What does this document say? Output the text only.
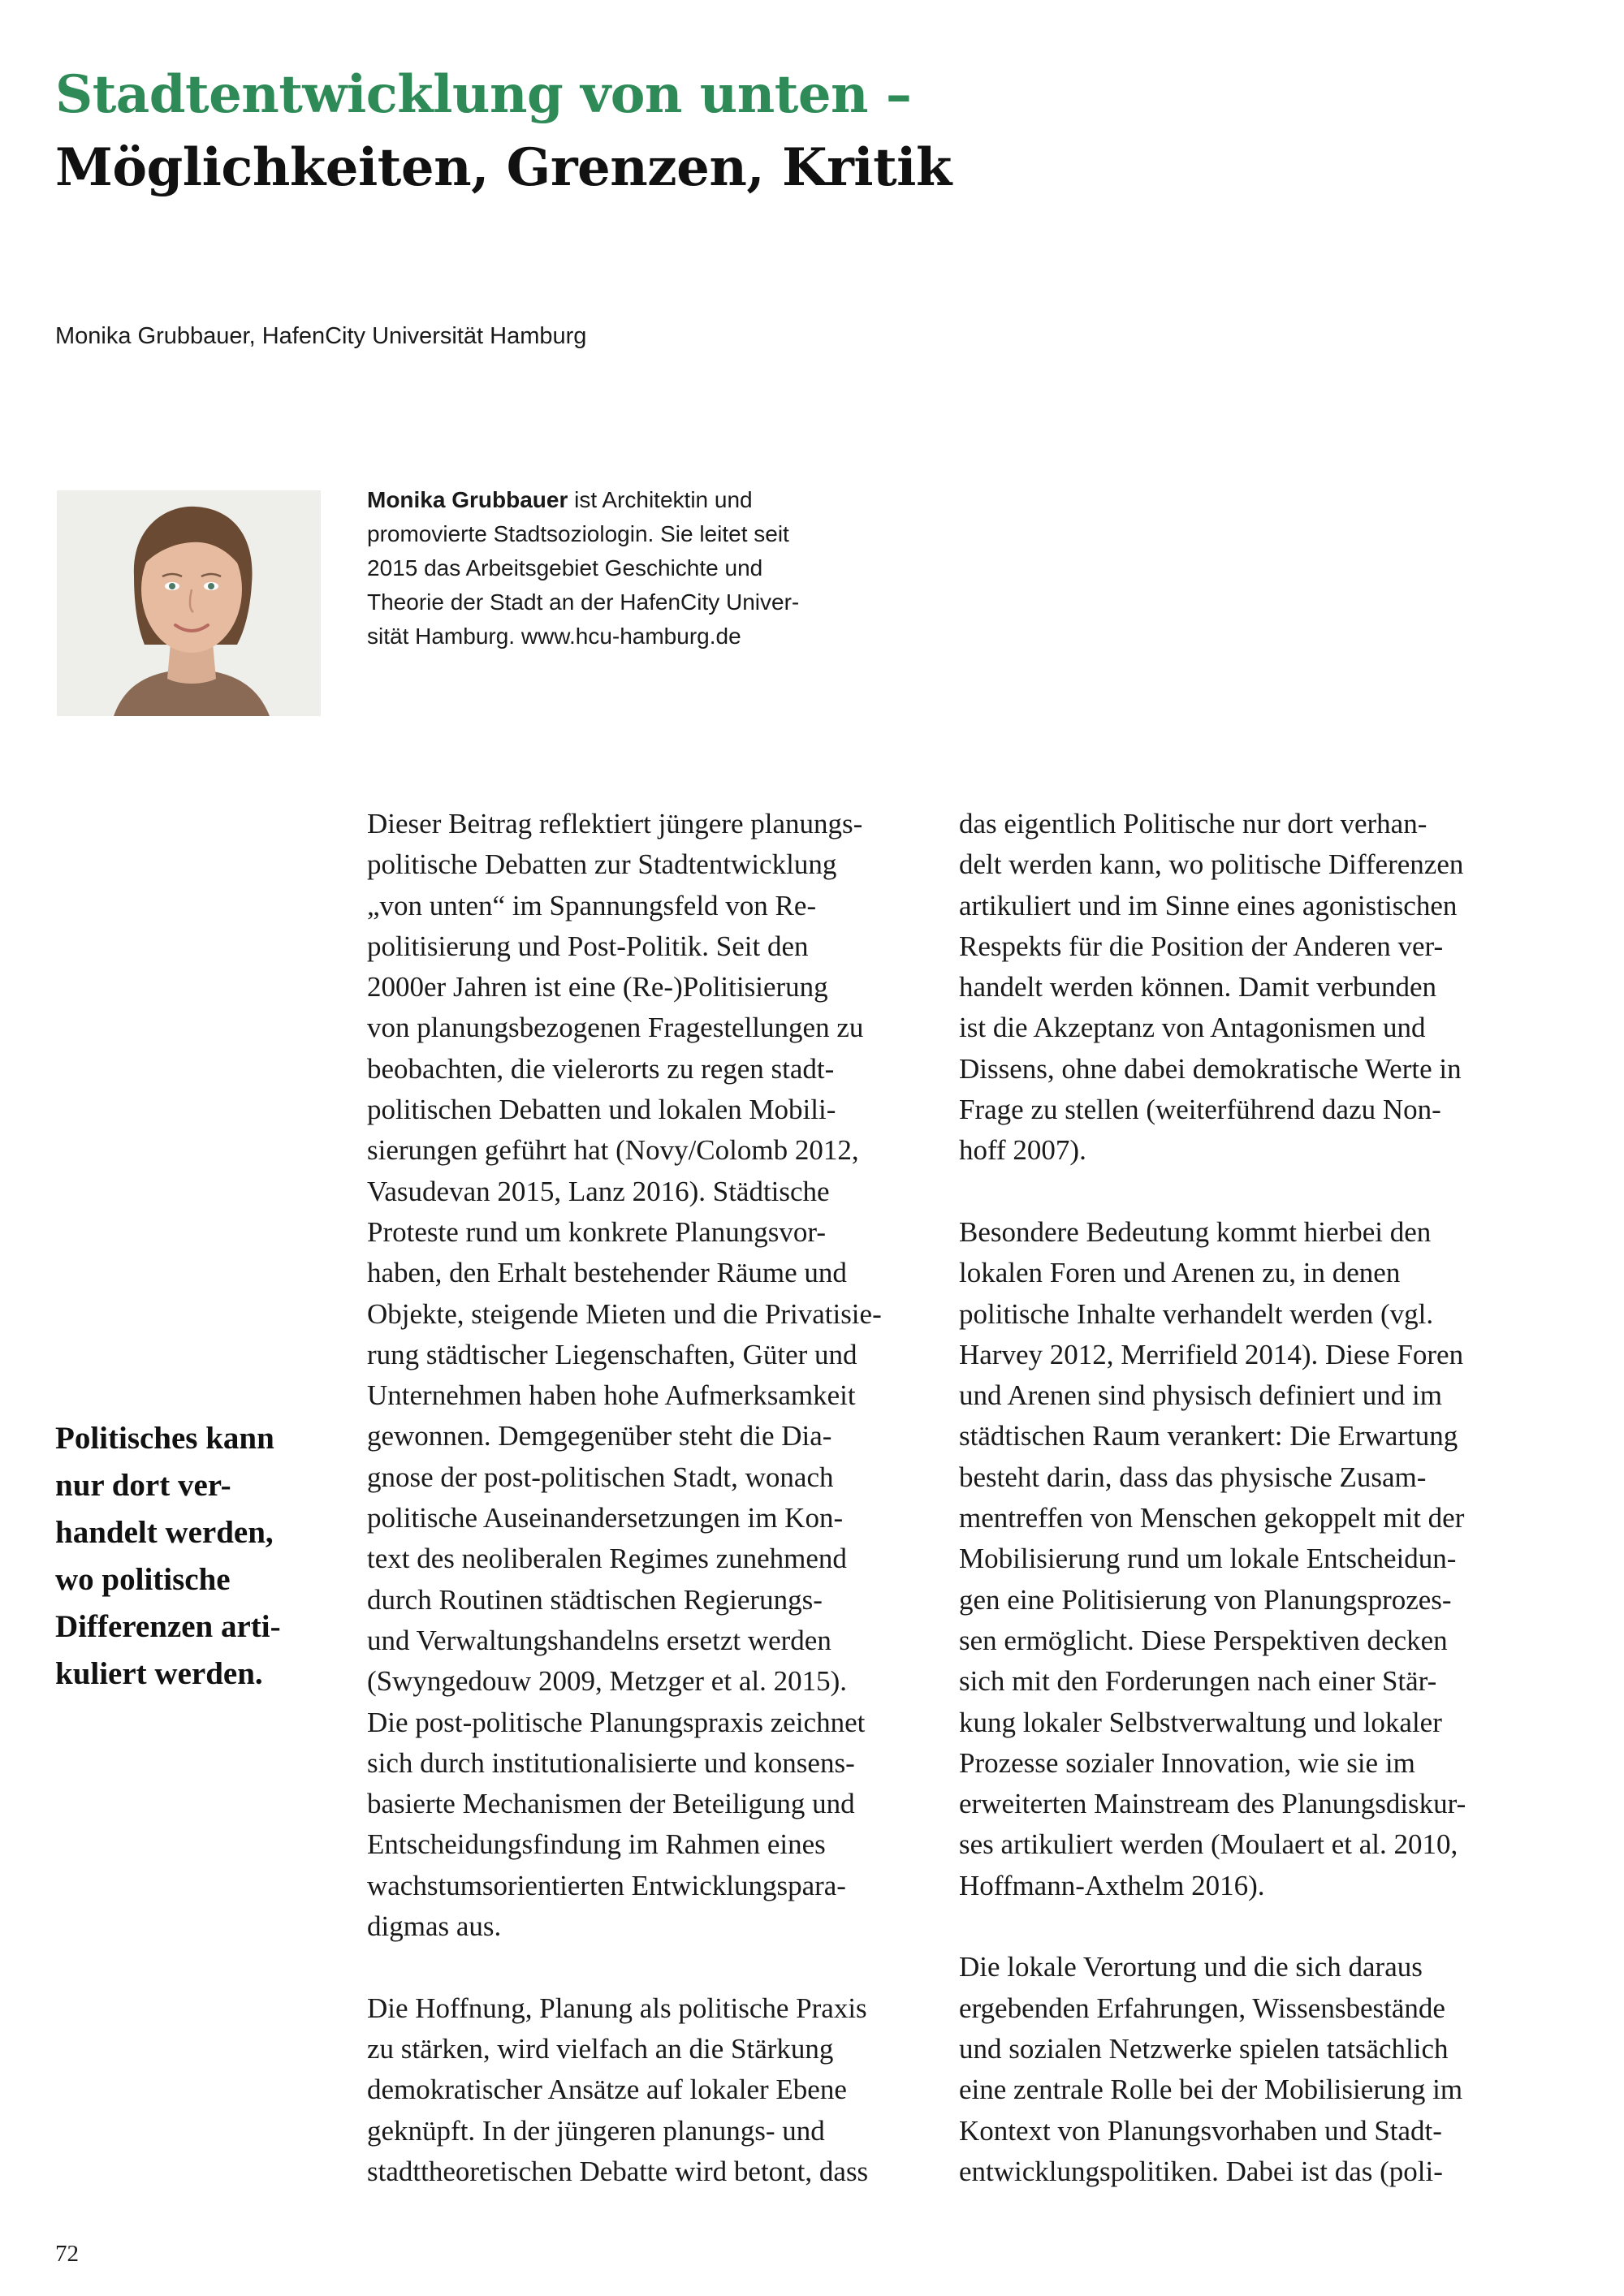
Stadtentwicklung von unten –
Möglichkeiten, Grenzen, Kritik
Monika Grubbauer, HafenCity Universität Hamburg
Monika Grubbauer ist Architektin und
promovierte Stadtsoziologin. Sie leitet seit
2015 das Arbeitsgebiet Geschichte und
Theorie der Stadt an der HafenCity Univer-
sität Hamburg. www.hcu-hamburg.de
Politisches kann
nur dort ver-
handelt werden,
wo politische
Differenzen arti-
kuliert werden.
Dieser Beitrag reflektiert jüngere planungs-
politische Debatten zur Stadtentwicklung
„von unten“ im Spannungsfeld von Re-
politisierung und Post-Politik. Seit den
2000er Jahren ist eine (Re-)Politisierung
von planungsbezogenen Fragestellungen zu
beobachten, die vielerorts zu regen stadt-
politischen Debatten und lokalen Mobili-
sierungen geführt hat (Novy/Colomb 2012,
Vasudevan 2015, Lanz 2016). Städtische
Proteste rund um konkrete Planungsvor-
haben, den Erhalt bestehender Räume und
Objekte, steigende Mieten und die Privatisie-
rung städtischer Liegenschaften, Güter und
Unternehmen haben hohe Aufmerksamkeit
gewonnen. Demgegenüber steht die Dia-
gnose der post-politischen Stadt, wonach
politische Auseinandersetzungen im Kon-
text des neoliberalen Regimes zunehmend
durch Routinen städtischen Regierungs-
und Verwaltungshandelns ersetzt werden
(Swyngedouw 2009, Metzger et al. 2015).
Die post-politische Planungspraxis zeichnet
sich durch institutionalisierte und konsens-
basierte Mechanismen der Beteiligung und
Entscheidungsfindung im Rahmen eines
wachstumsorientierten Entwicklungspara-
digmas aus.
Die Hoffnung, Planung als politische Praxis
zu stärken, wird vielfach an die Stärkung
demokratischer Ansätze auf lokaler Ebene
geknüpft. In der jüngeren planungs- und
stadttheoretischen Debatte wird betont, dass
das eigentlich Politische nur dort verhan-
delt werden kann, wo politische Differenzen
artikuliert und im Sinne eines agonistischen
Respekts für die Position der Anderen ver-
handelt werden können. Damit verbunden
ist die Akzeptanz von Antagonismen und
Dissens, ohne dabei demokratische Werte in
Frage zu stellen (weiterführend dazu Non-
hoff 2007).
Besondere Bedeutung kommt hierbei den
lokalen Foren und Arenen zu, in denen
politische Inhalte verhandelt werden (vgl.
Harvey 2012, Merrifield 2014). Diese Foren
und Arenen sind physisch definiert und im
städtischen Raum verankert: Die Erwartung
besteht darin, dass das physische Zusam-
mentreffen von Menschen gekoppelt mit der
Mobilisierung rund um lokale Entscheidun-
gen eine Politisierung von Planungsprozes-
sen ermöglicht. Diese Perspektiven decken
sich mit den Forderungen nach einer Stär-
kung lokaler Selbstverwaltung und lokaler
Prozesse sozialer Innovation, wie sie im
erweiterten Mainstream des Planungsdiskur-
ses artikuliert werden (Moulaert et al. 2010,
Hoffmann-Axthelm 2016).
Die lokale Verortung und die sich daraus
ergebenden Erfahrungen, Wissensbestände
und sozialen Netzwerke spielen tatsächlich
eine zentrale Rolle bei der Mobilisierung im
Kontext von Planungsvorhaben und Stadt-
entwicklungspolitiken. Dabei ist das (poli-
72
